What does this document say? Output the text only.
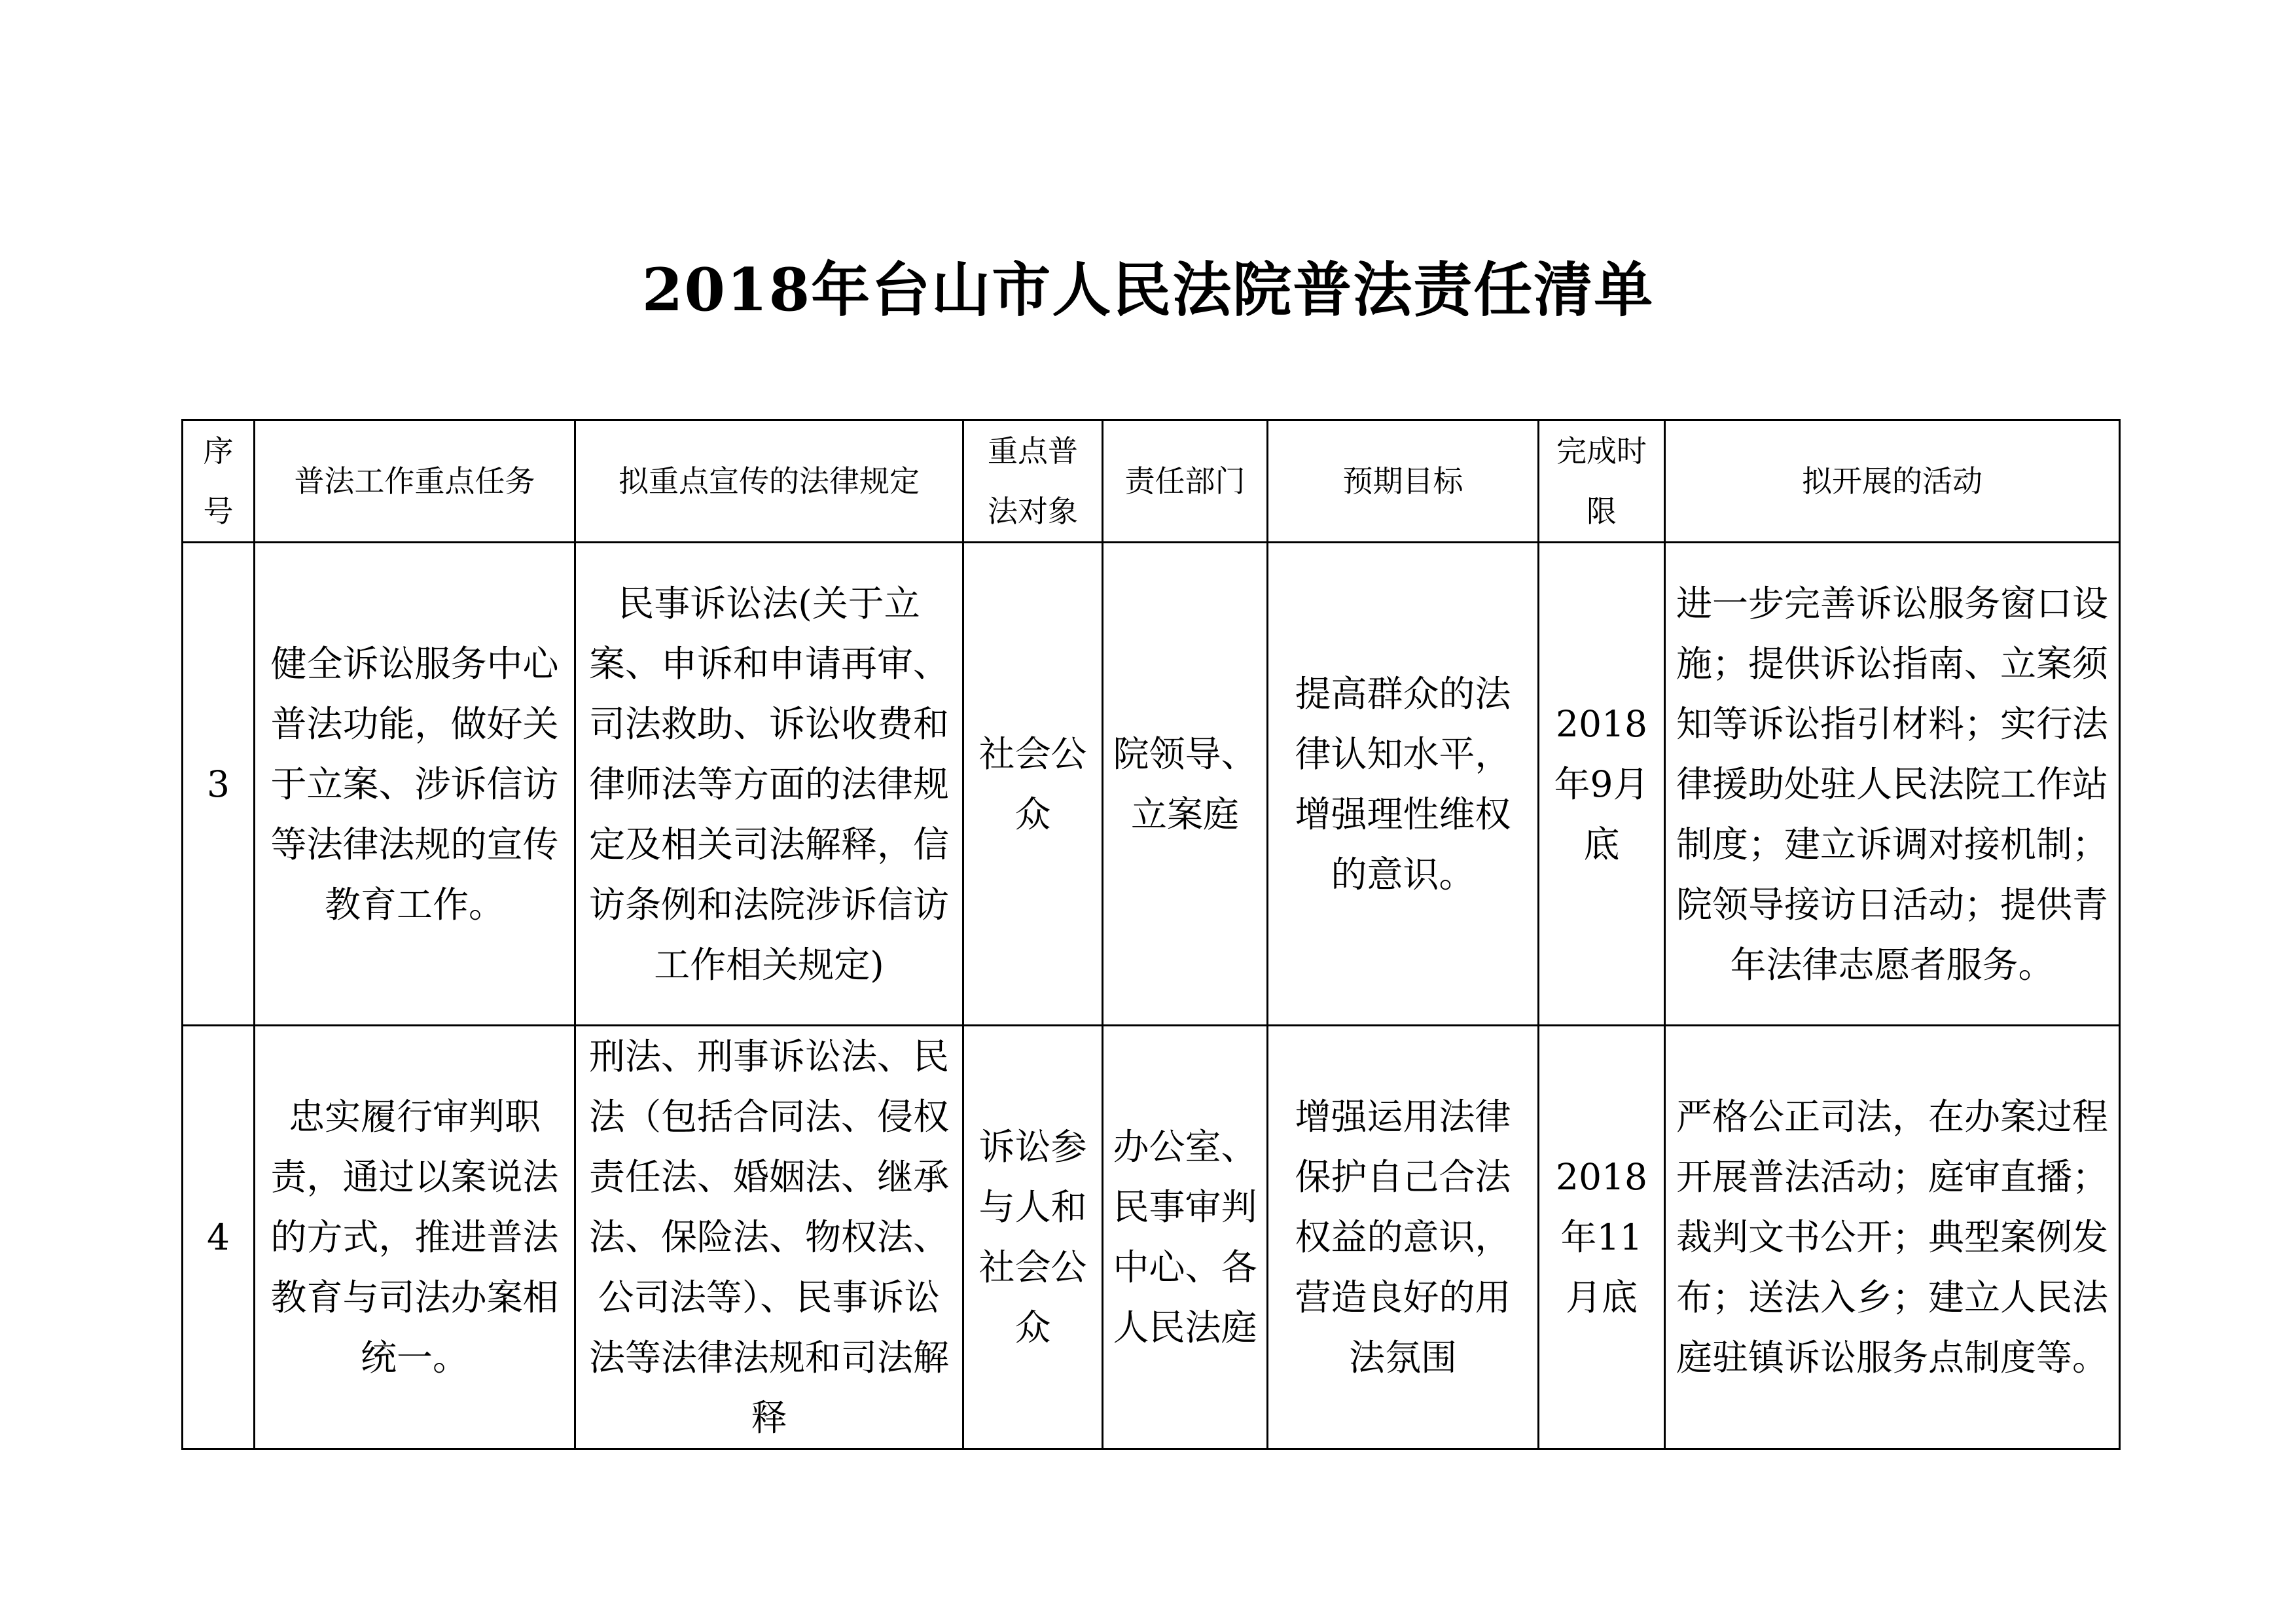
2018年台山市人民法院普法责任清单
序号	普法工作重点任务	拟重点宣传的法律规定	重点普法对象	责任部门	预期目标	完成时限	拟开展的活动
3	健全诉讼服务中心普法功能，做好关于立案、涉诉信访等法律法规的宣传教育工作。	民事诉讼法(关于立案、申诉和申请再审、司法救助、诉讼收费和律师法等方面的法律规定及相关司法解释，信访条例和法院涉诉信访工作相关规定)	社会公众	院领导、立案庭	提高群众的法律认知水平，增强理性维权的意识。	2018年9月底	进一步完善诉讼服务窗口设施；提供诉讼指南、立案须知等诉讼指引材料；实行法律援助处驻人民法院工作站制度；建立诉调对接机制；院领导接访日活动；提供青年法律志愿者服务。
4	忠实履行审判职责，通过以案说法的方式，推进普法教育与司法办案相统一。	刑法、刑事诉讼法、民法（包括合同法、侵权责任法、婚姻法、继承法、保险法、物权法、公司法等）、民事诉讼法等法律法规和司法解释	诉讼参与人和社会公众	办公室、民事审判中心、各人民法庭	增强运用法律保护自己合法权益的意识，营造良好的用法氛围	2018年11月底	严格公正司法，在办案过程开展普法活动；庭审直播；裁判文书公开；典型案例发布；送法入乡；建立人民法庭驻镇诉讼服务点制度等。
